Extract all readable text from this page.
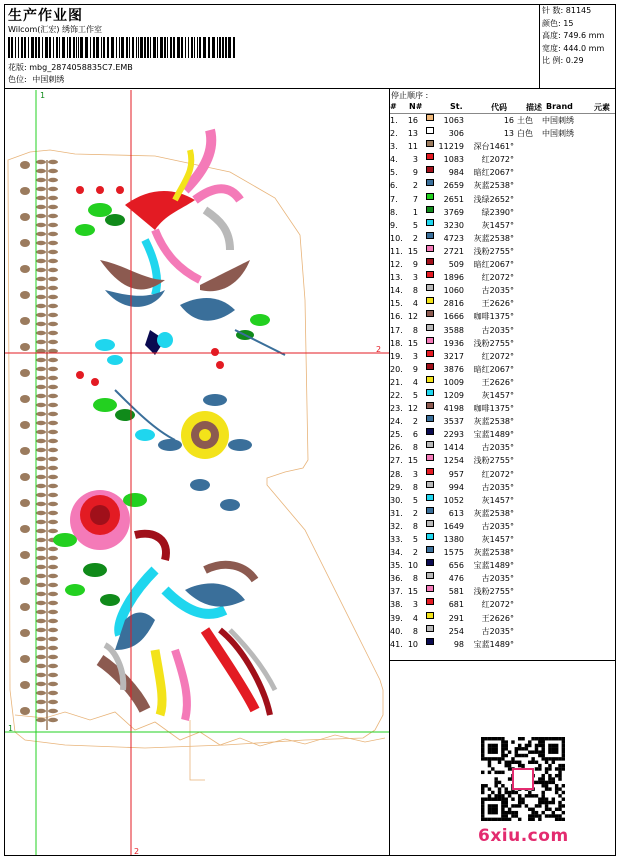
生产作业图
Wilcom(汇宏) 绣饰工作室
花版: mbg_2874058835C7.EMB
色位: 中国刺绣
针 数: 81145
颜色: 15
高度: 749.6 mm
宽度: 444.0 mm
比 例: 0.29
停止顺序 :
# N#	St.	代码 描述 Brand	元素
1.	16	1063	16 土色 中国刺绣
2.	13	306	13 白色 中国刺绣
3.	11	11219	深台1461°
4.	3	1083	红2072°
5.	9	984	暗红2067°
6.	2	2659	灰蓝2538°
7.	7	2651	浅绿2652°
8.	1	3769	绿2390°
9.	5	3230	灰1457°
10.	2	4723	灰蓝2538°
11. 15	2721	浅粉2755°
12.	9	509	暗红2067°
13.	3	1896	红2072°
14.	8	1060	古2035°
15.	4	2816	王2626°
16. 12	1666	咖啡1375°
17.	8	3588	古2035°
18. 15	1936	浅粉2755°
19.	3	3217	红2072°
20.	9	3876	暗红2067°
21.	4	1009	王2626°
22.	5	1209	灰1457°
23. 12	4198	咖啡1375°
24.	2	3537	灰蓝2538°
25.	6	2293	宝蓝1489°
26.	8	1414	古2035°
27. 15	1254	浅粉2755°
28.	3	957	红2072°
29.	8	994	古2035°
30.	5	1052	灰1457°
31.	2	613	灰蓝2538°
32.	8	1649	古2035°
33.	5	1380	灰1457°
34.	2	1575	灰蓝2538°
35. 10	656	宝蓝1489°
36.	8	476	古2035°
37. 15	581	浅粉2755°
38.	3	681	红2072°
39.	4	291	王2626°
40.	8	254	古2035°
41. 10	98	宝蓝1489°
1
2
1
2
6xiu.com
